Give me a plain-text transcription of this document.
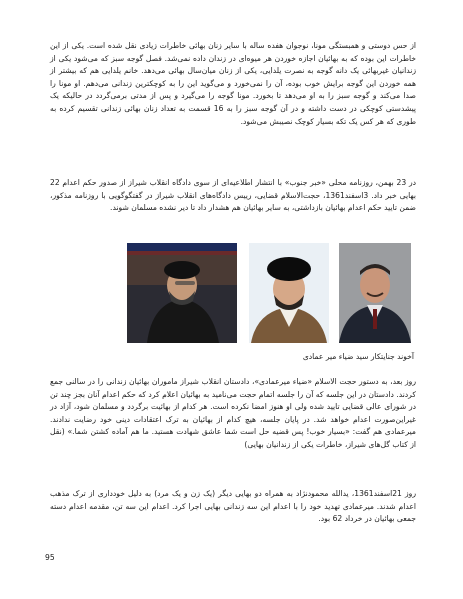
از حس دوستی و همبستگی مونا، نوجوان هفده ساله با سایر زنان بهائی خاطرات زیادی نقل شده است. یکی از این خاطرات این بوده که به بهائیان اجازه خوردن هر میوه‌ای در زندان داده نمی‌شد. فصل گوجه سبز که می‌شود یکی از زندانیان غیربهائی یک دانه گوجه به نصرت یلدایی، یکی از زنان میان‌سال بهائی می‌دهد. خانم یلدایی هم که بیشتر از همه خوردن این گوجه برایش خوب بوده، آن را نمی‌خورد و می‌گوید این را به کوچکترین زندانی می‌دهم. او مونا را صدا می‌کند و گوجه سبز را به او می‌دهد تا بخورد. مونا گوجه را می‌گیرد و پس از مدتی برمی‌گردد در حالیکه یک پیشدستی کوچکی در دست داشته و در آن گوجه سبز را به 16 قسمت به تعداد زنان بهائی زندانی تقسیم کرده به طوری که هر کس یک تکه بسیار کوچک نصیبش می‌شود.

در 23 بهمن، روزنامه محلی «خبر جنوب» با انتشار اطلاعیه‌ای از سوی دادگاه انقلاب شیراز از صدور حکم اعدام 22 بهایی خبر داد. 3اسفند1361، حجت‌الاسلام قضایی، رییس دادگاه‌های انقلاب شیراز در گفتگوگویی با روزنامه مذکور، ضمن تایید حکم اعدام بهائیان بازداشتی، به سایر بهائیان هم هشدار داد تا دیر نشده مسلمان شوند.

آخوند جنایتکار سید ضیاء میر عمادی

روز بعد، به دستور حجت الاسلام «ضیاء میرعمادی»، دادستان انقلاب شیراز ماموران بهائیان زندانی را در سالنی جمع کردند. دادستان در این جلسه که آن را جلسه اتمام حجت می‌نامید به بهائیان اعلام کرد که حکم اعدام آنان بجز چند تن در شورای عالی قضایی تایید شده ولی او هنوز امضا نکرده است. هر کدام از بهائیت برگردد و مسلمان شود، آزاد در غیراین‌صورت اعدام خواهد شد. در پایان جلسه، هیچ کدام از بهائیان به ترک اعتقادات دینی خود رضایت ندادند. میرعمادی هم گفت: «بسیار خوب! پس قضیه حل است شما عاشق شهادت هستید. ما هم آماده کشتن شما.» (نقل از کتاب گل‌های شیراز، خاطرات یکی از زندانیان بهایی)

روز 21اسفند1361، یدالله محمودنژاد به همراه دو بهایی دیگر (یک زن و یک مرد) به دلیل خودداری از ترک مذهب اعدام شدند. میرعمادی تهدید خود را با اعدام این سه زندانی بهایی اجرا کرد. اعدام این سه تن، مقدمه اعدام دسته جمعی بهائیان در خرداد 62 بود.

95
